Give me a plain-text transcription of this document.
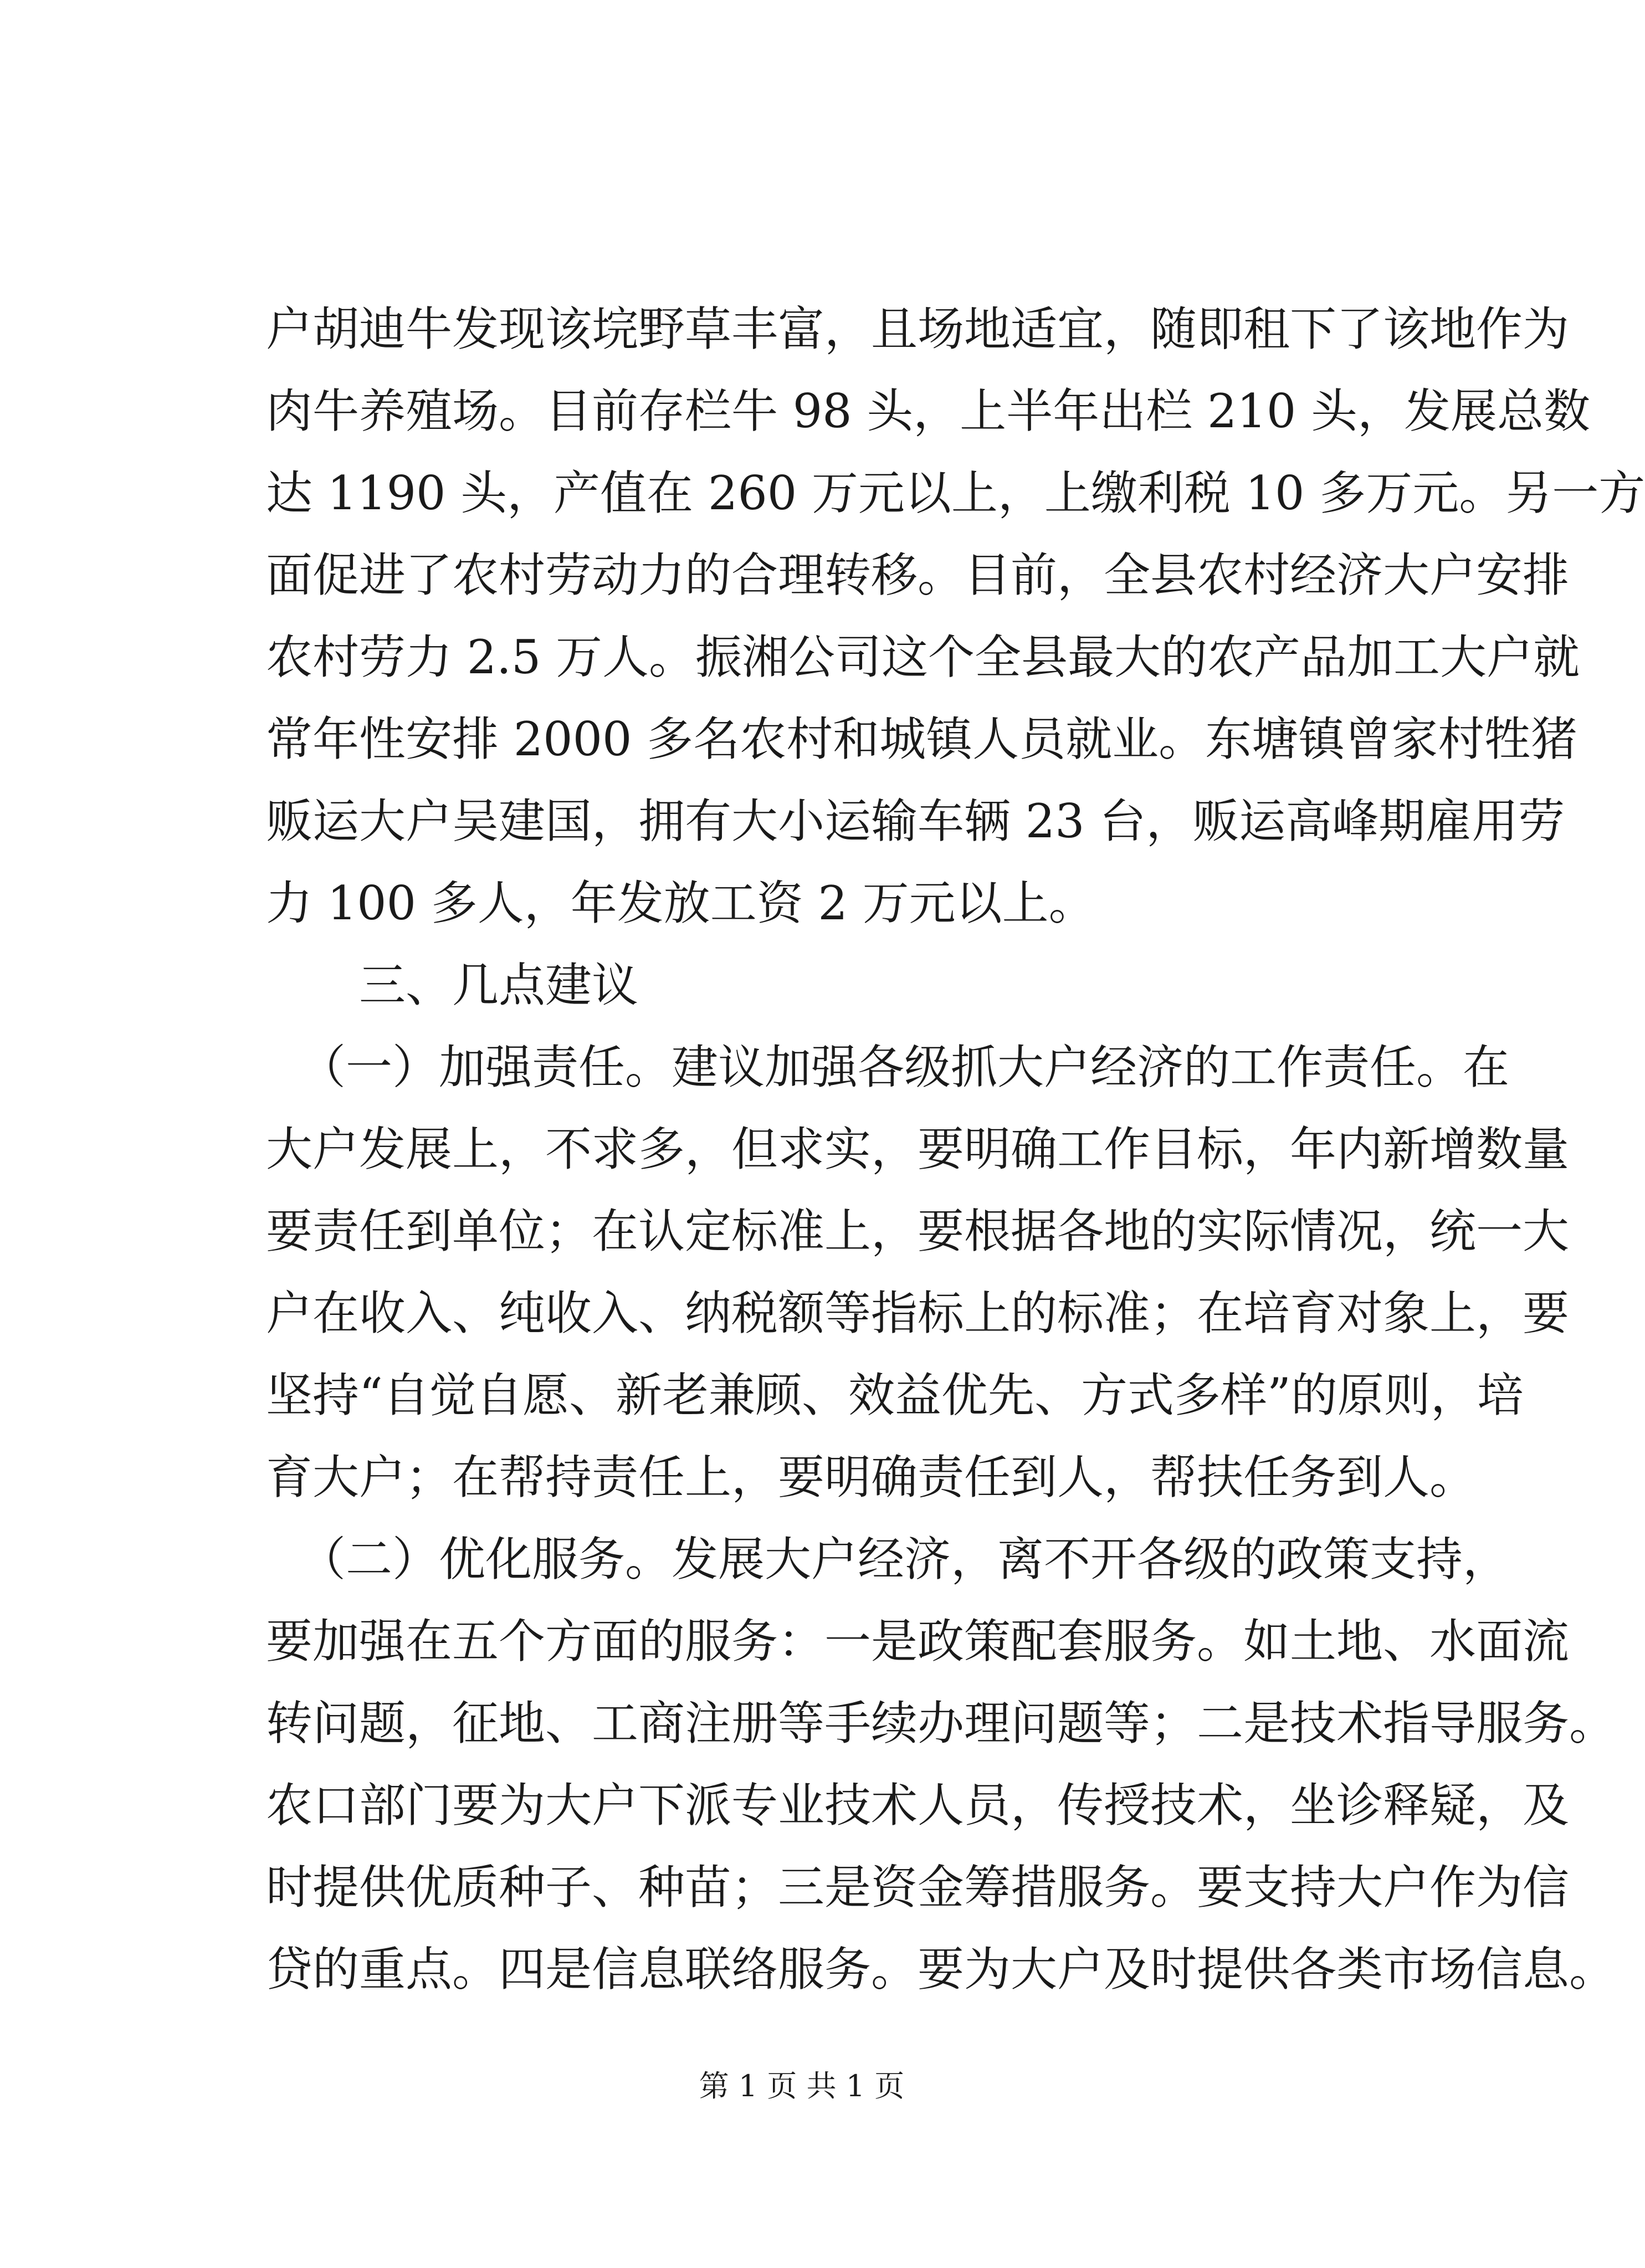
户胡迪牛发现该垸野草丰富，且场地适宜，随即租下了该地作为
肉牛养殖场。目前存栏牛 98 头，上半年出栏 210 头，发展总数
达 1190 头，产值在 260 万元以上，上缴利税 10 多万元。另一方
面促进了农村劳动力的合理转移。目前，全县农村经济大户安排
农村劳力 2.5 万人。振湘公司这个全县最大的农产品加工大户就
常年性安排 2000 多名农村和城镇人员就业。东塘镇曾家村牲猪
贩运大户吴建国，拥有大小运输车辆 23 台，贩运高峰期雇用劳
力 100 多人，年发放工资 2 万元以上。
三、几点建议
（一）加强责任。建议加强各级抓大户经济的工作责任。在
大户发展上，不求多，但求实，要明确工作目标，年内新增数量
要责任到单位；在认定标准上，要根据各地的实际情况，统一大
户在收入、纯收入、纳税额等指标上的标准；在培育对象上，要
坚持“自觉自愿、新老兼顾、效益优先、方式多样”的原则，培
育大户；在帮持责任上，要明确责任到人，帮扶任务到人。
（二）优化服务。发展大户经济，离不开各级的政策支持，
要加强在五个方面的服务：一是政策配套服务。如土地、水面流
转问题，征地、工商注册等手续办理问题等；二是技术指导服务。
农口部门要为大户下派专业技术人员，传授技术，坐诊释疑，及
时提供优质种子、种苗；三是资金筹措服务。要支持大户作为信
贷的重点。四是信息联络服务。要为大户及时提供各类市场信息。
第 1 页 共 1 页
